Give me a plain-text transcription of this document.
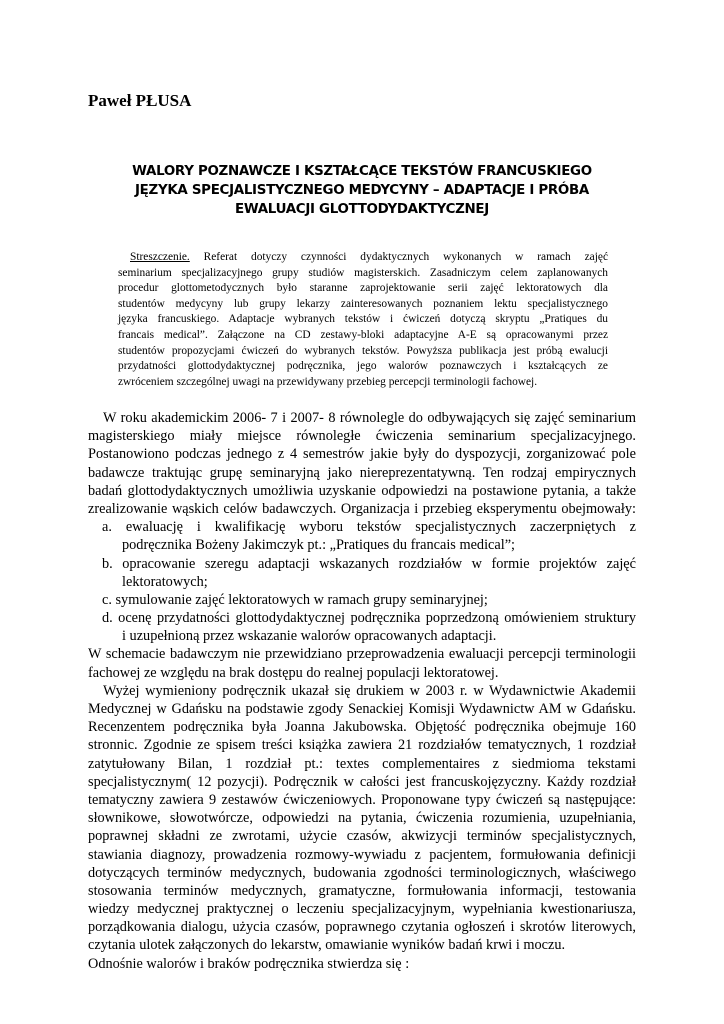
Paweł PŁUSA
WALORY POZNAWCZE I KSZTAŁCĄCE TEKSTÓW FRANCUSKIEGO
JĘZYKA SPECJALISTYCZNEGO MEDYCYNY – ADAPTACJE I PRÓBA
EWALUACJI GLOTTODYDAKTYCZNEJ
Streszczenie. Referat dotyczy czynności dydaktycznych wykonanych w ramach zajęć
seminarium specjalizacyjnego grupy studiów magisterskich. Zasadniczym celem zaplanowanych
procedur glottometodycznych było staranne zaprojektowanie serii zajęć lektoratowych dla
studentów medycyny lub grupy lekarzy zainteresowanych poznaniem lektu specjalistycznego
języka francuskiego. Adaptacje wybranych tekstów i ćwiczeń dotyczą skryptu „Pratiques du
francais medical”. Załączone na CD zestawy-bloki adaptacyjne A-E są opracowanymi przez
studentów propozycjami ćwiczeń do wybranych tekstów. Powyższa publikacja jest próbą ewalucji
przydatności glottodydaktycznej podręcznika, jego walorów poznawczych i kształcących ze
zwróceniem szczególnej uwagi na przewidywany przebieg percepcji terminologii fachowej.
W roku akademickim 2006- 7 i 2007- 8 równolegle do odbywających się zajęć seminarium
magisterskiego miały miejsce równoległe ćwiczenia seminarium specjalizacyjnego.
Postanowiono podczas jednego z 4 semestrów jakie były do dyspozycji, zorganizować pole
badawcze traktując grupę seminaryjną jako niereprezentatywną. Ten rodzaj empirycznych
badań glottodydaktycznych umożliwia uzyskanie odpowiedzi na postawione pytania, a także
zrealizowanie wąskich celów badawczych. Organizacja i przebieg eksperymentu obejmowały:
a. ewaluację i kwalifikację wyboru tekstów specjalistycznych zaczerpniętych z
podręcznika Bożeny Jakimczyk pt.: „Pratiques du francais medical”;
b. opracowanie szeregu adaptacji wskazanych rozdziałów w formie projektów zajęć
lektoratowych;
c. symulowanie zajęć lektoratowych w ramach grupy seminaryjnej;
d. ocenę przydatności glottodydaktycznej podręcznika poprzedzoną omówieniem struktury
i uzupełnioną przez wskazanie walorów opracowanych adaptacji.
W schemacie badawczym nie przewidziano przeprowadzenia ewaluacji percepcji terminologii
fachowej ze względu na brak dostępu do realnej populacji lektoratowej.
Wyżej wymieniony podręcznik ukazał się drukiem w 2003 r. w Wydawnictwie Akademii
Medycznej w Gdańsku na podstawie zgody Senackiej Komisji Wydawnictw AM w Gdańsku.
Recenzentem podręcznika była Joanna Jakubowska. Objętość podręcznika obejmuje 160
stronnic. Zgodnie ze spisem treści książka zawiera 21 rozdziałów tematycznych, 1 rozdział
zatytułowany Bilan, 1 rozdział pt.: textes complementaires z siedmioma tekstami
specjalistycznym( 12 pozycji). Podręcznik w całości jest francuskojęzyczny. Każdy rozdział
tematyczny zawiera 9 zestawów ćwiczeniowych. Proponowane typy ćwiczeń są następujące:
słownikowe, słowotwórcze, odpowiedzi na pytania, ćwiczenia rozumienia, uzupełniania,
poprawnej składni ze zwrotami, użycie czasów, akwizycji terminów specjalistycznych,
stawiania diagnozy, prowadzenia rozmowy-wywiadu z pacjentem, formułowania definicji
dotyczących terminów medycznych, budowania zgodności terminologicznych, właściwego
stosowania terminów medycznych, gramatyczne, formułowania informacji, testowania
wiedzy medycznej praktycznej o leczeniu specjalizacyjnym, wypełniania kwestionariusza,
porządkowania dialogu, użycia czasów, poprawnego czytania ogłoszeń i skrotów literowych,
czytania ulotek załączonych do lekarstw, omawianie wyników badań krwi i moczu.
Odnośnie walorów i braków podręcznika stwierdza się :
